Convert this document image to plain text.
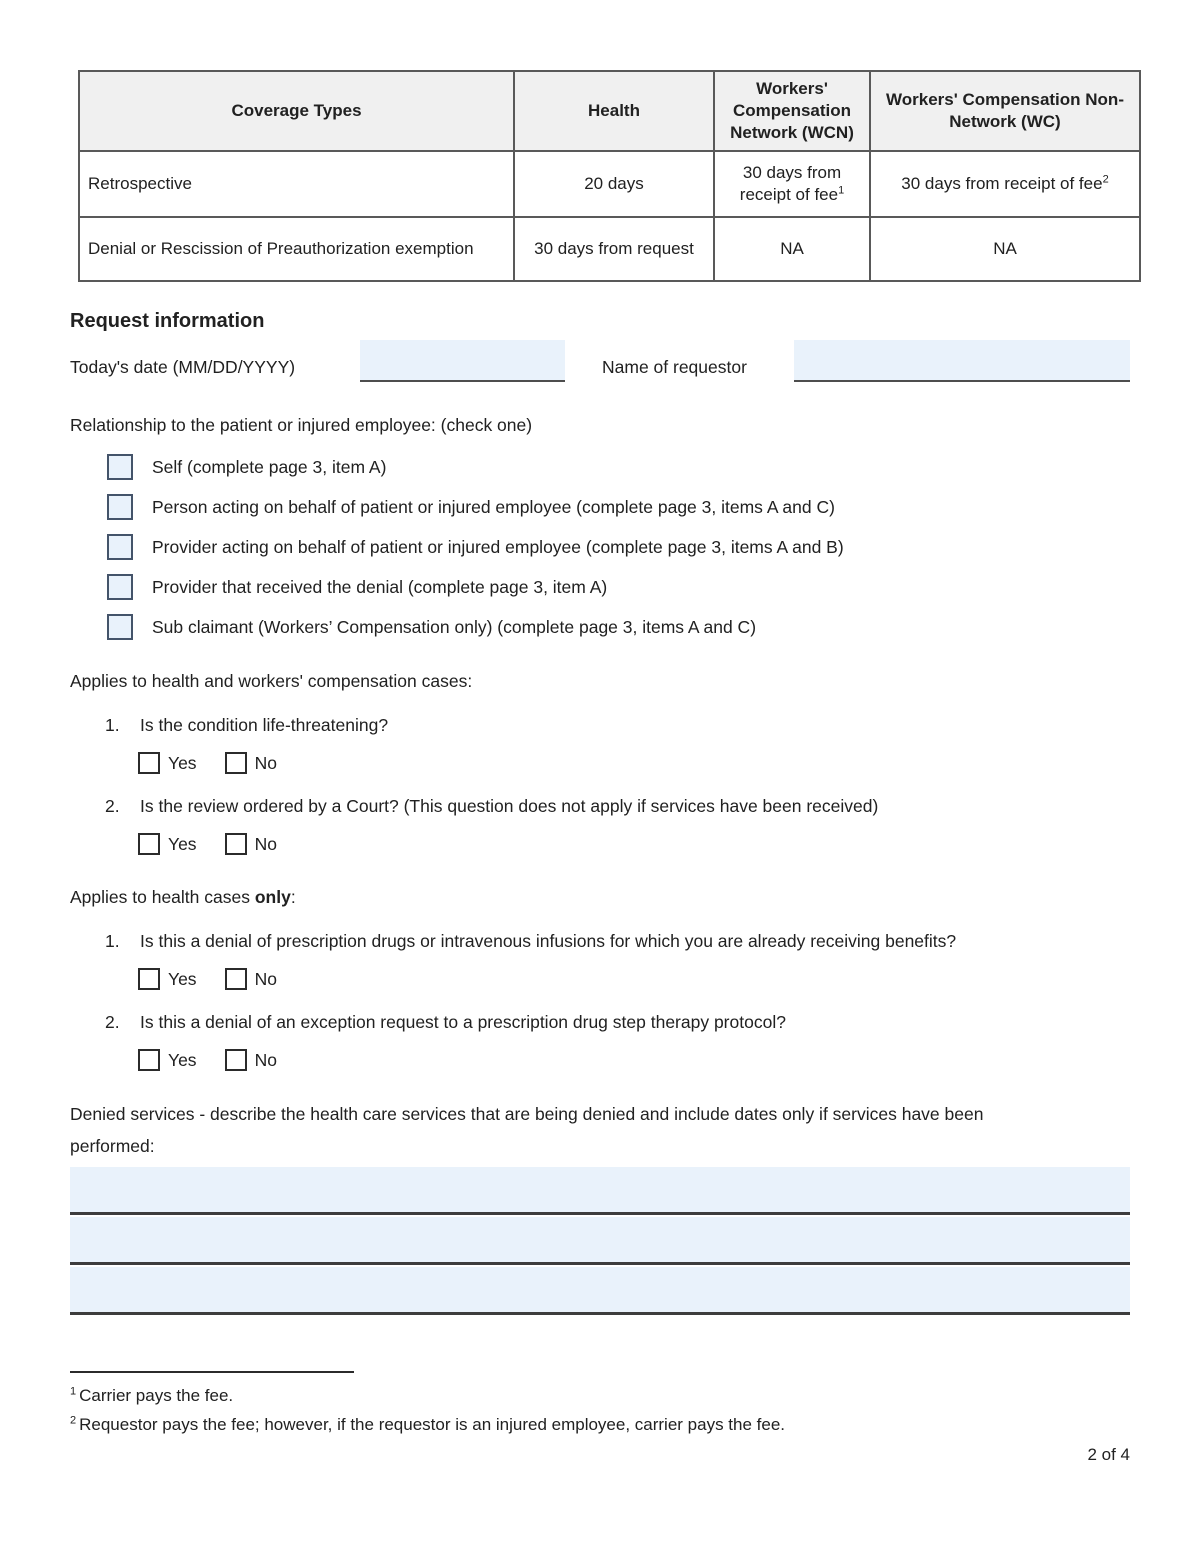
Coverage Types	Health	Workers' Compensation Network (WCN)	Workers' Compensation Non-Network (WC)
Retrospective	20 days	30 days from receipt of fee$^1$	30 days from receipt of fee$^2$
Denial or Rescission of Preauthorization exemption	30 days from request	NA	NA
Request information
Today's date (MM/DD/YYYY)	Name of requestor

Relationship to the patient or injured employee: (check one)

Self (complete page 3, item A)
Person acting on behalf of patient or injured employee (complete page 3, items A and C)
Provider acting on behalf of patient or injured employee (complete page 3, items A and B)
Provider that received the denial (complete page 3, item A)
Sub claimant (Workers’ Compensation only) (complete page 3, items A and C)

Applies to health and workers' compensation cases:

1.	Is the condition life-threatening?
Yes	No
2.	Is the review ordered by a Court? (This question does not apply if services have been received)
Yes	No

Applies to health cases only:

1.	Is this a denial of prescription drugs or intravenous infusions for which you are already receiving benefits?
Yes	No
2.	Is this a denial of an exception request to a prescription drug step therapy protocol?
Yes	No

Denied services - describe the health care services that are being denied and include dates only if services have been performed:

$^1$ Carrier pays the fee.

$^2$ Requestor pays the fee; however, if the requestor is an injured employee, carrier pays the fee.

2 of 4
